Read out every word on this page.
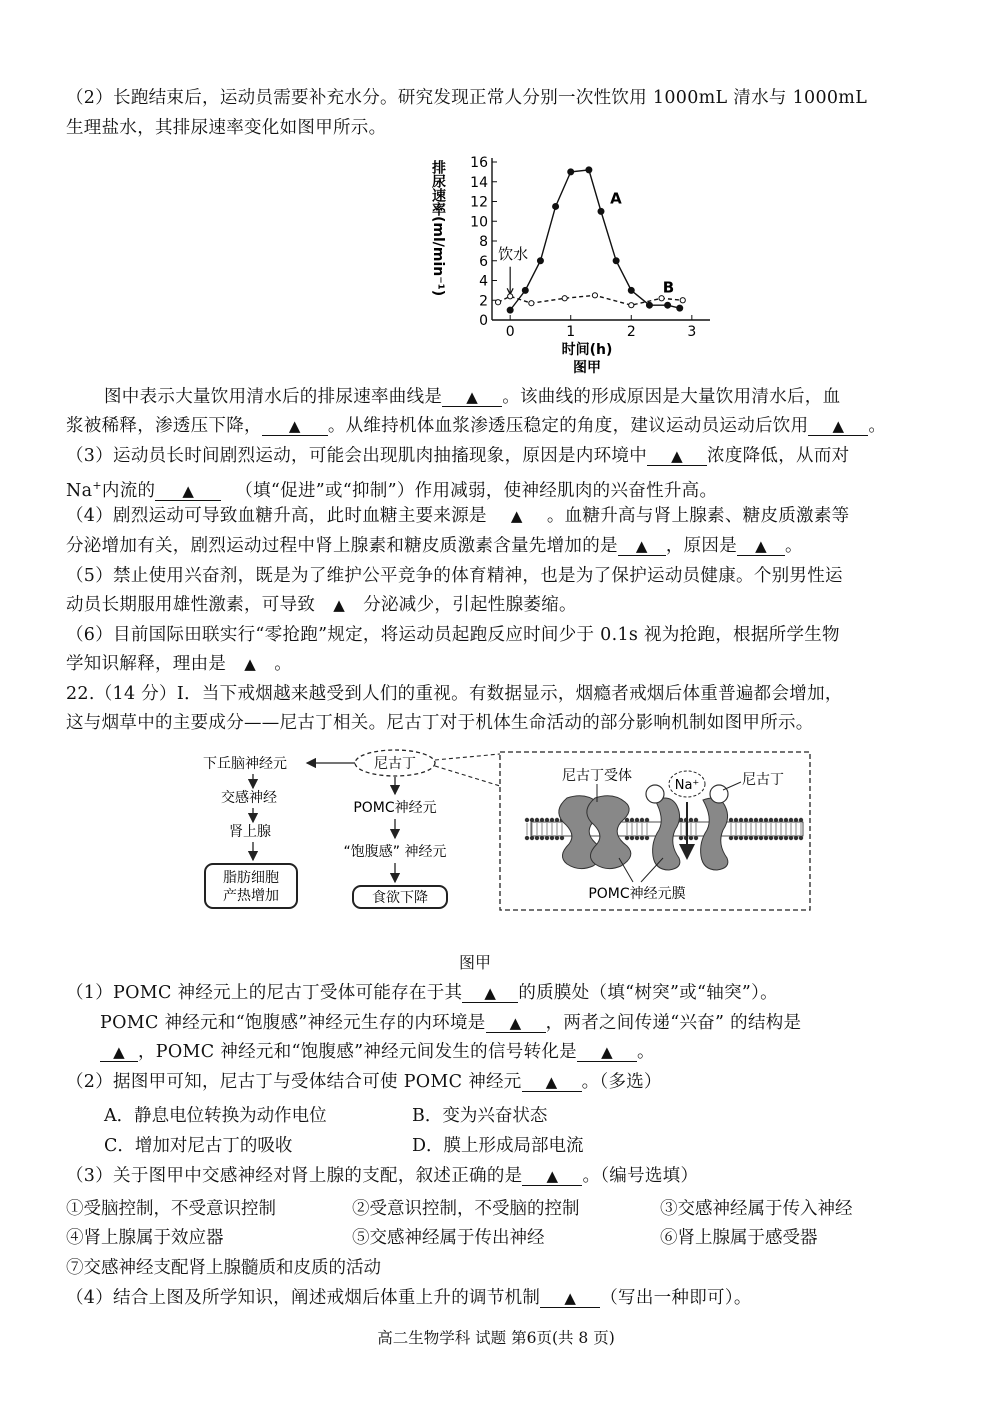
（2）长跑结束后，运动员需要补充水分。研究发现正常人分别一次性饮用 1000mL 清水与 1000mL
生理盐水，其排尿速率变化如图甲所示。
0
2
4
6
8
10
12
14
16
0	1	2	3
排尿速率(ml/min⁻¹)
时间(h)
图甲
饮水
A
B
图中表示大量饮用清水后的排尿速率曲线是 ▲ 。该曲线的形成原因是大量饮用清水后，血
浆被稀释，渗透压下降， ▲ 。从维持机体血浆渗透压稳定的角度，建议运动员运动后饮用 ▲ 。
（3）运动员长时间剧烈运动，可能会出现肌肉抽搐现象，原因是内环境中 ▲ 浓度降低，从而对
Na+内流的 ▲ （填“促进”或“抑制”）作用减弱，使神经肌肉的兴奋性升高。
（4）剧烈运动可导致血糖升高，此时血糖主要来源是 ▲ 。血糖升高与肾上腺素、糖皮质激素等
分泌增加有关，剧烈运动过程中肾上腺素和糖皮质激素含量先增加的是 ▲ ，原因是 ▲ 。
（5）禁止使用兴奋剂，既是为了维护公平竞争的体育精神，也是为了保护运动员健康。个别男性运
动员长期服用雄性激素，可导致 ▲ 分泌减少，引起性腺萎缩。
（6）目前国际田联实行“零抢跑”规定，将运动员起跑反应时间少于 0.1s 视为抢跑，根据所学生物
学知识解释，理由是 ▲ 。
22.（14 分）Ⅰ．当下戒烟越来越受到人们的重视。有数据显示，烟瘾者戒烟后体重普遍都会增加，
这与烟草中的主要成分——尼古丁相关。尼古丁对于机体生命活动的部分影响机制如图甲所示。
下丘脑神经元
交感神经
肾上腺
脂肪细胞
产热增加
尼古丁
POMC神经元
“饱腹感” 神经元
食欲下降
尼古丁受体
Na⁺	尼古丁
POMC神经元膜
图甲
（1）POMC 神经元上的尼古丁受体可能存在于其 ▲ 的质膜处（填“树突”或“轴突”）。
POMC 神经元和“饱腹感”神经元生存的内环境是 ▲ ，两者之间传递“兴奋” 的结构是
▲ ，POMC 神经元和“饱腹感”神经元间发生的信号转化是 ▲ 。
（2）据图甲可知，尼古丁与受体结合可使 POMC 神经元 ▲ 。（多选）
A．静息电位转换为动作电位	B．变为兴奋状态
C．增加对尼古丁的吸收	D．膜上形成局部电流
（3）关于图甲中交感神经对肾上腺的支配，叙述正确的是 ▲ 。（编号选填）
①受脑控制，不受意识控制	②受意识控制，不受脑的控制	③交感神经属于传入神经
④肾上腺属于效应器	⑤交感神经属于传出神经	⑥肾上腺属于感受器
⑦交感神经支配肾上腺髓质和皮质的活动
（4）结合上图及所学知识，阐述戒烟后体重上升的调节机制 ▲ （写出一种即可）。
高二生物学科 试题 第6页(共 8 页)
